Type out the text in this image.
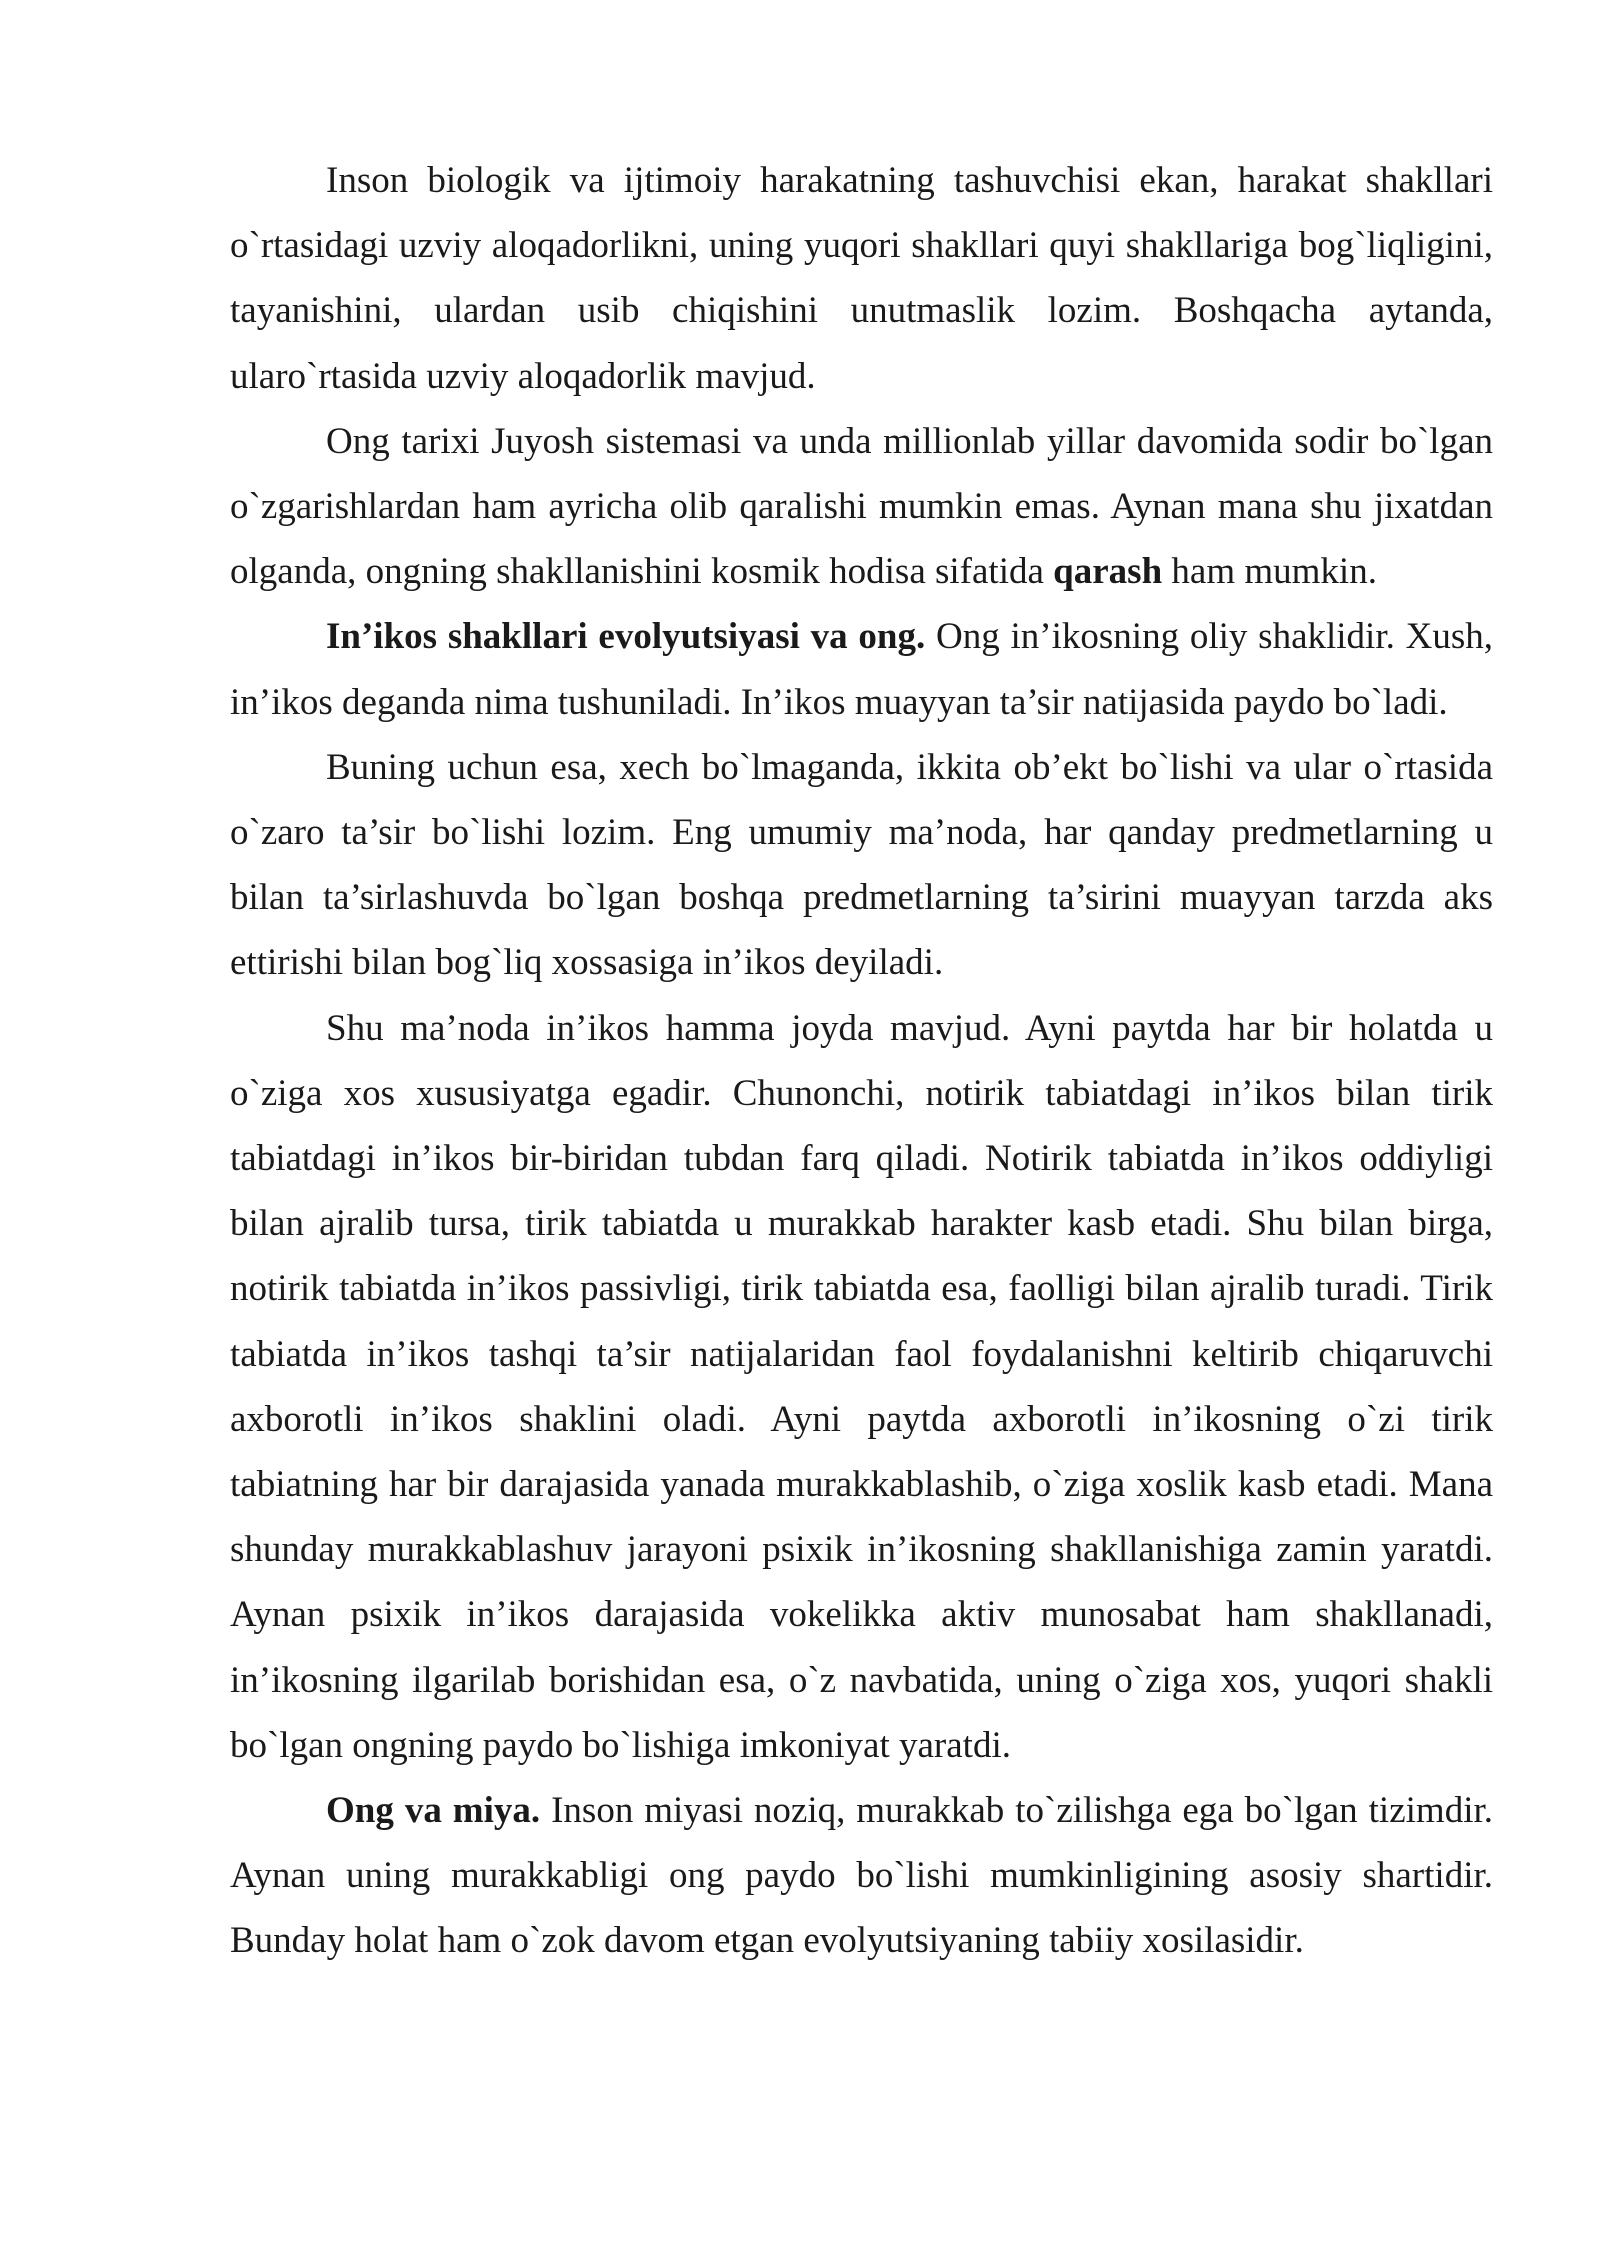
Inson biologik va ijtimoiy harakatning tashuvchisi ekan, harakat shakllari o`rtasidagi uzviy aloqadorlikni, uning yuqori shakllari quyi shakllariga bog`liqligini, tayanishini, ulardan usib chiqishini unutmaslik lozim. Boshqacha aytanda, ularo`rtasida uzviy aloqadorlik mavjud.

Ong tarixi Juyosh sistemasi va unda millionlab yillar davomida sodir bo`lgan o`zgarishlardan ham ayricha olib qaralishi mumkin emas. Aynan mana shu jixatdan olganda, ongning shakllanishini kosmik hodisa sifatida qarash ham mumkin.

In’ikos shakllari evolyutsiyasi va ong. Ong in’ikosning oliy shaklidir. Xush, in’ikos deganda nima tushuniladi. In’ikos muayyan ta’sir natijasida paydo bo`ladi.

Buning uchun esa, xech bo`lmaganda, ikkita ob’ekt bo`lishi va ular o`rtasida o`zaro ta’sir bo`lishi lozim. Eng umumiy ma’noda, har qanday predmetlarning u bilan ta’sirlashuvda bo`lgan boshqa predmetlarning ta’sirini muayyan tarzda aks ettirishi bilan bog`liq xossasiga in’ikos deyiladi.

Shu ma’noda in’ikos hamma joyda mavjud. Ayni paytda har bir holatda u o`ziga xos xususiyatga egadir. Chunonchi, notirik tabiatdagi in’ikos bilan tirik tabiatdagi in’ikos bir-biridan tubdan farq qiladi. Notirik tabiatda in’ikos oddiyligi bilan ajralib tursa, tirik tabiatda u murakkab harakter kasb etadi. Shu bilan birga, notirik tabiatda in’ikos passivligi, tirik tabiatda esa, faolligi bilan ajralib turadi. Tirik tabiatda in’ikos tashqi ta’sir natijalaridan faol foydalanishni keltirib chiqaruvchi axborotli in’ikos shaklini oladi. Ayni paytda axborotli in’ikosning o`zi tirik tabiatning har bir darajasida yanada murakkablashib, o`ziga xoslik kasb etadi. Mana shunday murakkablashuv jarayoni psixik in’ikosning shakllanishiga zamin yaratdi. Aynan psixik in’ikos darajasida vokelikka aktiv munosabat ham shakllanadi, in’ikosning ilgarilab borishidan esa, o`z navbatida, uning o`ziga xos, yuqori shakli bo`lgan ongning paydo bo`lishiga imkoniyat yaratdi.

Ong va miya. Inson miyasi noziq, murakkab to`zilishga ega bo`lgan tizimdir. Aynan uning murakkabligi ong paydo bo`lishi mumkinligining asosiy shartidir. Bunday holat ham o`zok davom etgan evolyutsiyaning tabiiy xosilasidir.
